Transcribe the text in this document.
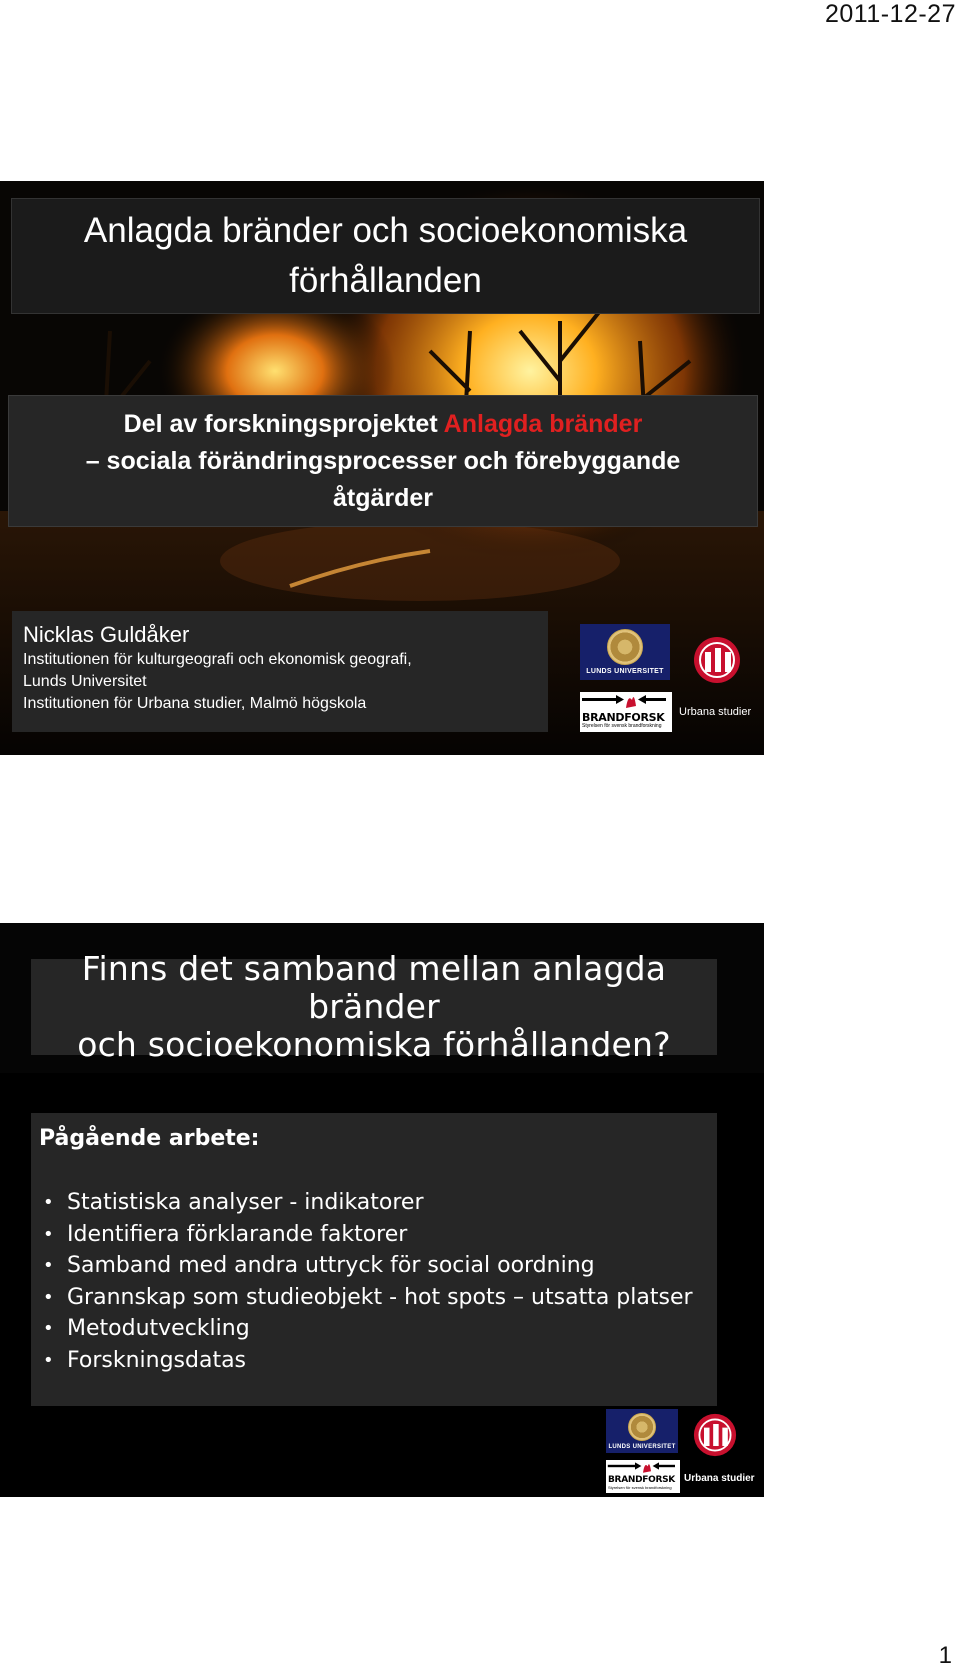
2011-12-27
Anlagda bränder och socioekonomiska
förhållanden
Del av forskningsprojektet Anlagda bränder
– sociala förändringsprocesser och förebyggande
åtgärder
Nicklas Guldåker
Institutionen för kulturgeografi och ekonomisk geografi,
Lunds Universitet
Institutionen för Urbana studier, Malmö högskola
LUNDS UNIVERSITET
BRANDFORSK
Styrelsen för svensk brandforskning
Urbana studier
Finns det samband mellan anlagda bränder
och socioekonomiska förhållanden?
Pågående arbete:
• Statistiska analyser - indikatorer
• Identifiera förklarande faktorer
• Samband med andra uttryck för social oordning
• Grannskap som studieobjekt - hot spots – utsatta platser
• Metodutveckling
• Forskningsdatas
LUNDS UNIVERSITET
BRANDFORSK
Styrelsen för svensk brandforskning
Urbana studier
1
